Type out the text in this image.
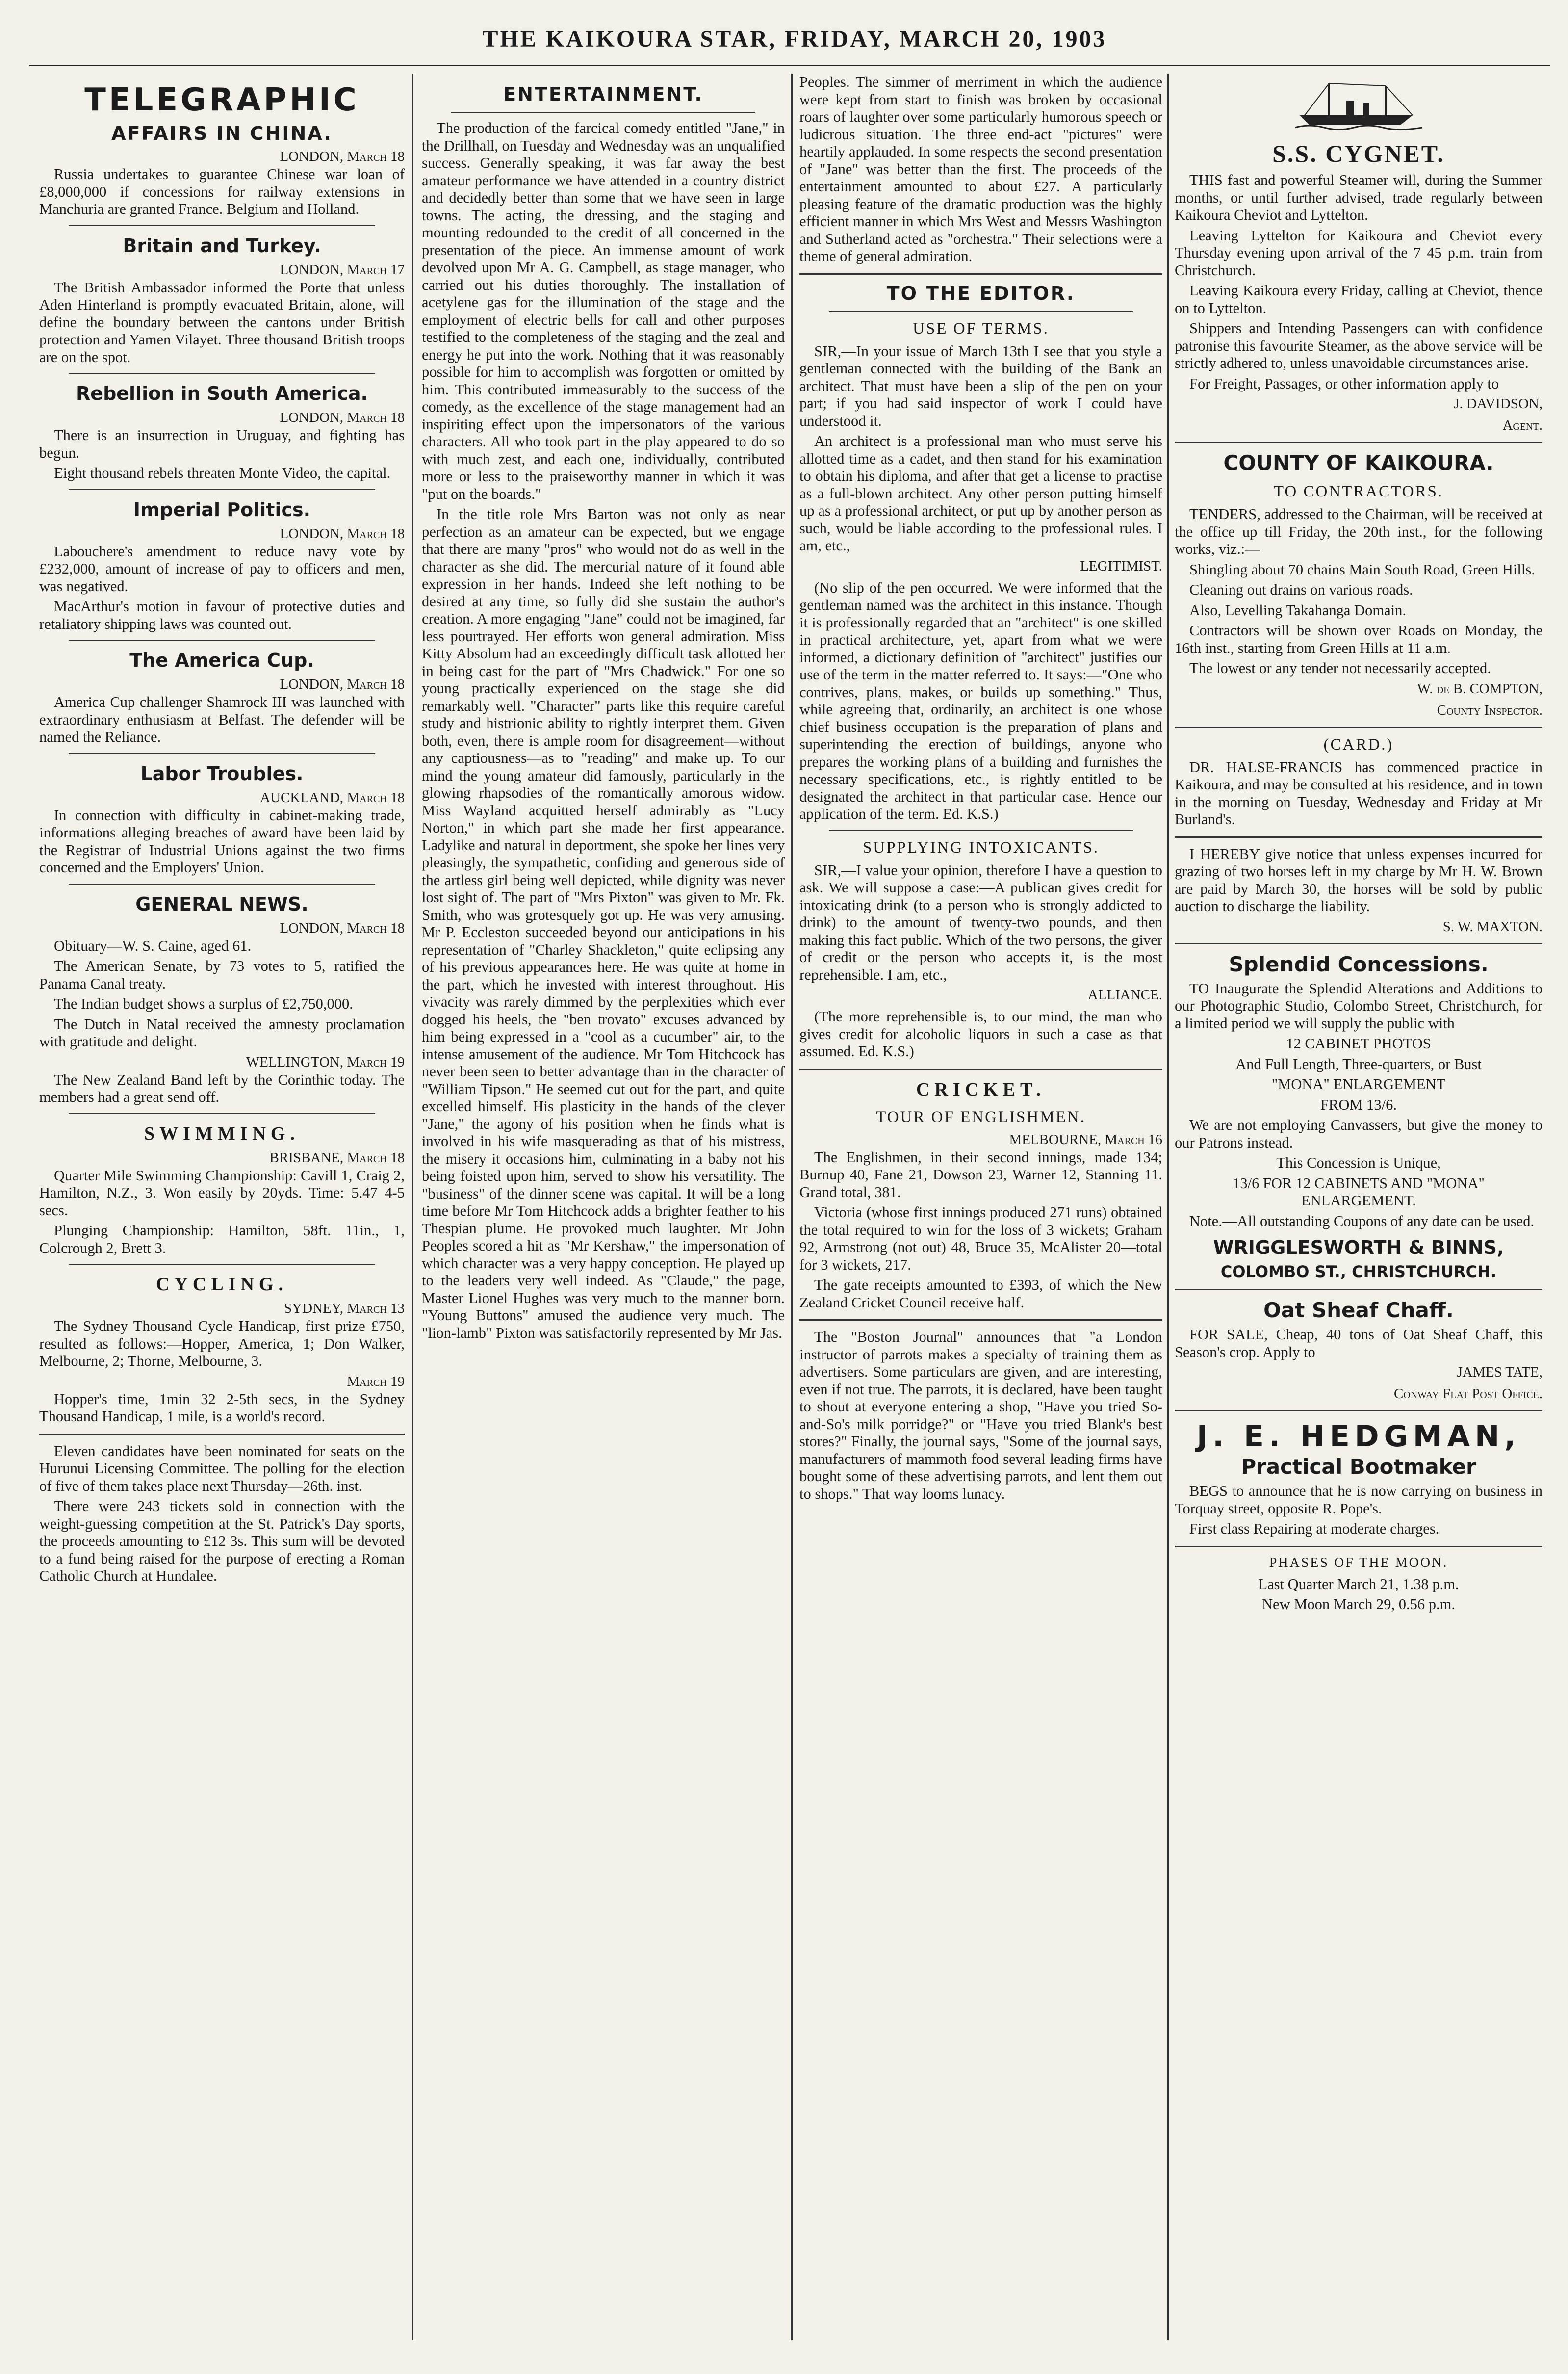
THE KAIKOURA STAR, FRIDAY, MARCH 20, 1903
TELEGRAPHIC
AFFAIRS IN CHINA.
LONDON, March 18

Russia undertakes to guarantee Chinese war loan of £8,000,000 if concessions for railway extensions in Manchuria are granted France. Belgium and Holland.

Britain and Turkey.
LONDON, March 17

The British Ambassador informed the Porte that unless Aden Hinterland is promptly evacuated Britain, alone, will define the boundary between the cantons under British protection and Yamen Vilayet. Three thousand British troops are on the spot.

Rebellion in South America.
LONDON, March 18

There is an insurrection in Uruguay, and fighting has begun.

Eight thousand rebels threaten Monte Video, the capital.

Imperial Politics.
LONDON, March 18

Labouchere's amendment to reduce navy vote by £232,000, amount of increase of pay to officers and men, was negatived.

MacArthur's motion in favour of protective duties and retaliatory shipping laws was counted out.

The America Cup.
LONDON, March 18

America Cup challenger Shamrock III was launched with extraordinary enthusiasm at Belfast. The defender will be named the Reliance.

Labor Troubles.
AUCKLAND, March 18

In connection with difficulty in cabinet-making trade, informations alleging breaches of award have been laid by the Registrar of Industrial Unions against the two firms concerned and the Employers' Union.

GENERAL NEWS.
LONDON, March 18

Obituary—W. S. Caine, aged 61.

The American Senate, by 73 votes to 5, ratified the Panama Canal treaty.

The Indian budget shows a surplus of £2,750,000.

The Dutch in Natal received the amnesty proclamation with gratitude and delight.

WELLINGTON, March 19

The New Zealand Band left by the Corinthic today. The members had a great send off.

SWIMMING.
BRISBANE, March 18

Quarter Mile Swimming Championship: Cavill 1, Craig 2, Hamilton, N.Z., 3. Won easily by 20yds. Time: 5.47 4-5 secs.

Plunging Championship: Hamilton, 58ft. 11in., 1, Colcrough 2, Brett 3.

CYCLING.
SYDNEY, March 13

The Sydney Thousand Cycle Handicap, first prize £750, resulted as follows:—Hopper, America, 1; Don Walker, Melbourne, 2; Thorne, Melbourne, 3.

March 19

Hopper's time, 1min 32 2-5th secs, in the Sydney Thousand Handicap, 1 mile, is a world's record.

Eleven candidates have been nominated for seats on the Hurunui Licensing Committee. The polling for the election of five of them takes place next Thursday—26th. inst.

There were 243 tickets sold in connection with the weight-guessing competition at the St. Patrick's Day sports, the proceeds amounting to £12 3s. This sum will be devoted to a fund being raised for the purpose of erecting a Roman Catholic Church at Hundalee.

ENTERTAINMENT.

The production of the farcical comedy entitled "Jane," in the Drillhall, on Tuesday and Wednesday was an unqualified success. Generally speaking, it was far away the best amateur performance we have attended in a country district and decidedly better than some that we have seen in large towns. The acting, the dressing, and the staging and mounting redounded to the credit of all concerned in the presentation of the piece. An immense amount of work devolved upon Mr A. G. Campbell, as stage manager, who carried out his duties thoroughly. The installation of acetylene gas for the illumination of the stage and the employment of electric bells for call and other purposes testified to the completeness of the staging and the zeal and energy he put into the work. Nothing that it was reasonably possible for him to accomplish was forgotten or omitted by him. This contributed immeasurably to the success of the comedy, as the excellence of the stage management had an inspiriting effect upon the impersonators of the various characters. All who took part in the play appeared to do so with much zest, and each one, individually, contributed more or less to the praiseworthy manner in which it was "put on the boards."

In the title role Mrs Barton was not only as near perfection as an amateur can be expected, but we engage that there are many "pros" who would not do as well in the character as she did. The mercurial nature of it found able expression in her hands. Indeed she left nothing to be desired at any time, so fully did she sustain the author's creation. A more engaging "Jane" could not be imagined, far less pourtrayed. Her efforts won general admiration. Miss Kitty Absolum had an exceedingly difficult task allotted her in being cast for the part of "Mrs Chadwick." For one so young practically experienced on the stage she did remarkably well. "Character" parts like this require careful study and histrionic ability to rightly interpret them. Given both, even, there is ample room for disagreement—without any captiousness—as to "reading" and make up. To our mind the young amateur did famously, particularly in the glowing rhapsodies of the romantically amorous widow. Miss Wayland acquitted herself admirably as "Lucy Norton," in which part she made her first appearance. Ladylike and natural in deportment, she spoke her lines very pleasingly, the sympathetic, confiding and generous side of the artless girl being well depicted, while dignity was never lost sight of. The part of "Mrs Pixton" was given to Mr. Fk. Smith, who was grotesquely got up. He was very amusing. Mr P. Eccleston succeeded beyond our anticipations in his representation of "Charley Shackleton," quite eclipsing any of his previous appearances here. He was quite at home in the part, which he invested with interest throughout. His vivacity was rarely dimmed by the perplexities which ever dogged his heels, the "ben trovato" excuses advanced by him being expressed in a "cool as a cucumber" air, to the intense amusement of the audience. Mr Tom Hitchcock has never been seen to better advantage than in the character of "William Tipson." He seemed cut out for the part, and quite excelled himself. His plasticity in the hands of the clever "Jane," the agony of his position when he finds what is involved in his wife masquerading as that of his mistress, the misery it occasions him, culminating in a baby not his being foisted upon him, served to show his versatility. The "business" of the dinner scene was capital. It will be a long time before Mr Tom Hitchcock adds a brighter feather to his Thespian plume. He provoked much laughter. Mr John Peoples scored a hit as "Mr Kershaw," the impersonation of which character was a very happy conception. He played up to the leaders very well indeed. As "Claude," the page, Master Lionel Hughes was very much to the manner born. "Young Buttons" amused the audience very much. The "lion-lamb" Pixton was satisfactorily represented by Mr Jas.

Peoples. The simmer of merriment in which the audience were kept from start to finish was broken by occasional roars of laughter over some particularly humorous speech or ludicrous situation. The three end-act "pictures" were heartily applauded. In some respects the second presentation of "Jane" was better than the first. The proceeds of the entertainment amounted to about £27. A particularly pleasing feature of the dramatic production was the highly efficient manner in which Mrs West and Messrs Washington and Sutherland acted as "orchestra." Their selections were a theme of general admiration.

TO THE EDITOR.
USE OF TERMS.

SIR,—In your issue of March 13th I see that you style a gentleman connected with the building of the Bank an architect. That must have been a slip of the pen on your part; if you had said inspector of work I could have understood it.

An architect is a professional man who must serve his allotted time as a cadet, and then stand for his examination to obtain his diploma, and after that get a license to practise as a full-blown architect. Any other person putting himself up as a professional architect, or put up by another person as such, would be liable according to the professional rules. I am, etc.,

LEGITIMIST.

(No slip of the pen occurred. We were informed that the gentleman named was the architect in this instance. Though it is professionally regarded that an "architect" is one skilled in practical architecture, yet, apart from what we were informed, a dictionary definition of "architect" justifies our use of the term in the matter referred to. It says:—"One who contrives, plans, makes, or builds up something." Thus, while agreeing that, ordinarily, an architect is one whose chief business occupation is the preparation of plans and superintending the erection of buildings, anyone who prepares the working plans of a building and furnishes the necessary specifications, etc., is rightly entitled to be designated the architect in that particular case. Hence our application of the term. Ed. K.S.)

SUPPLYING INTOXICANTS.

SIR,—I value your opinion, therefore I have a question to ask. We will suppose a case:—A publican gives credit for intoxicating drink (to a person who is strongly addicted to drink) to the amount of twenty-two pounds, and then making this fact public. Which of the two persons, the giver of credit or the person who accepts it, is the most reprehensible. I am, etc.,

ALLIANCE.

(The more reprehensible is, to our mind, the man who gives credit for alcoholic liquors in such a case as that assumed. Ed. K.S.)

CRICKET.
TOUR OF ENGLISHMEN.
MELBOURNE, March 16

The Englishmen, in their second innings, made 134; Burnup 40, Fane 21, Dowson 23, Warner 12, Stanning 11. Grand total, 381.

Victoria (whose first innings produced 271 runs) obtained the total required to win for the loss of 3 wickets; Graham 92, Armstrong (not out) 48, Bruce 35, McAlister 20—total for 3 wickets, 217.

The gate receipts amounted to £393, of which the New Zealand Cricket Council receive half.

The "Boston Journal" announces that "a London instructor of parrots makes a specialty of training them as advertisers. Some particulars are given, and are interesting, even if not true. The parrots, it is declared, have been taught to shout at everyone entering a shop, "Have you tried So-and-So's milk porridge?" or "Have you tried Blank's best stores?" Finally, the journal says, "Some of the journal says, manufacturers of mammoth food several leading firms have bought some of these advertising parrots, and lent them out to shops." That way looms lunacy.

S.S. CYGNET.

THIS fast and powerful Steamer will, during the Summer months, or until further advised, trade regularly between Kaikoura Cheviot and Lyttelton.

Leaving Lyttelton for Kaikoura and Cheviot every Thursday evening upon arrival of the 7 45 p.m. train from Christchurch.

Leaving Kaikoura every Friday, calling at Cheviot, thence on to Lyttelton.

Shippers and Intending Passengers can with confidence patronise this favourite Steamer, as the above service will be strictly adhered to, unless unavoidable circumstances arise.

For Freight, Passages, or other information apply to

J. DAVIDSON,
Agent.
COUNTY OF KAIKOURA.
TO CONTRACTORS.

TENDERS, addressed to the Chairman, will be received at the office up till Friday, the 20th inst., for the following works, viz.:—

Shingling about 70 chains Main South Road, Green Hills.

Cleaning out drains on various roads.

Also, Levelling Takahanga Domain.

Contractors will be shown over Roads on Monday, the 16th inst., starting from Green Hills at 11 a.m.

The lowest or any tender not necessarily accepted.

W. de B. COMPTON,
County Inspector.
(CARD.)

DR. HALSE-FRANCIS has commenced practice in Kaikoura, and may be consulted at his residence, and in town in the morning on Tuesday, Wednesday and Friday at Mr Burland's.

I HEREBY give notice that unless expenses incurred for grazing of two horses left in my charge by Mr H. W. Brown are paid by March 30, the horses will be sold by public auction to discharge the liability.

S. W. MAXTON.
Splendid Concessions.

TO Inaugurate the Splendid Alterations and Additions to our Photographic Studio, Colombo Street, Christchurch, for a limited period we will supply the public with

12 CABINET PHOTOS

And Full Length, Three-quarters, or Bust

"MONA" ENLARGEMENT

FROM 13/6.

We are not employing Canvassers, but give the money to our Patrons instead.

This Concession is Unique,

13/6 FOR 12 CABINETS AND "MONA" ENLARGEMENT.

Note.—All outstanding Coupons of any date can be used.

WRIGGLESWORTH & BINNS,
COLOMBO ST., CHRISTCHURCH.
Oat Sheaf Chaff.

FOR SALE, Cheap, 40 tons of Oat Sheaf Chaff, this Season's crop. Apply to

JAMES TATE,
Conway Flat Post Office.
J. E. HEDGMAN,
Practical Bootmaker

BEGS to announce that he is now carrying on business in Torquay street, opposite R. Pope's.

First class Repairing at moderate charges.

PHASES OF THE MOON.

Last Quarter March 21, 1.38 p.m.

New Moon March 29, 0.56 p.m.
